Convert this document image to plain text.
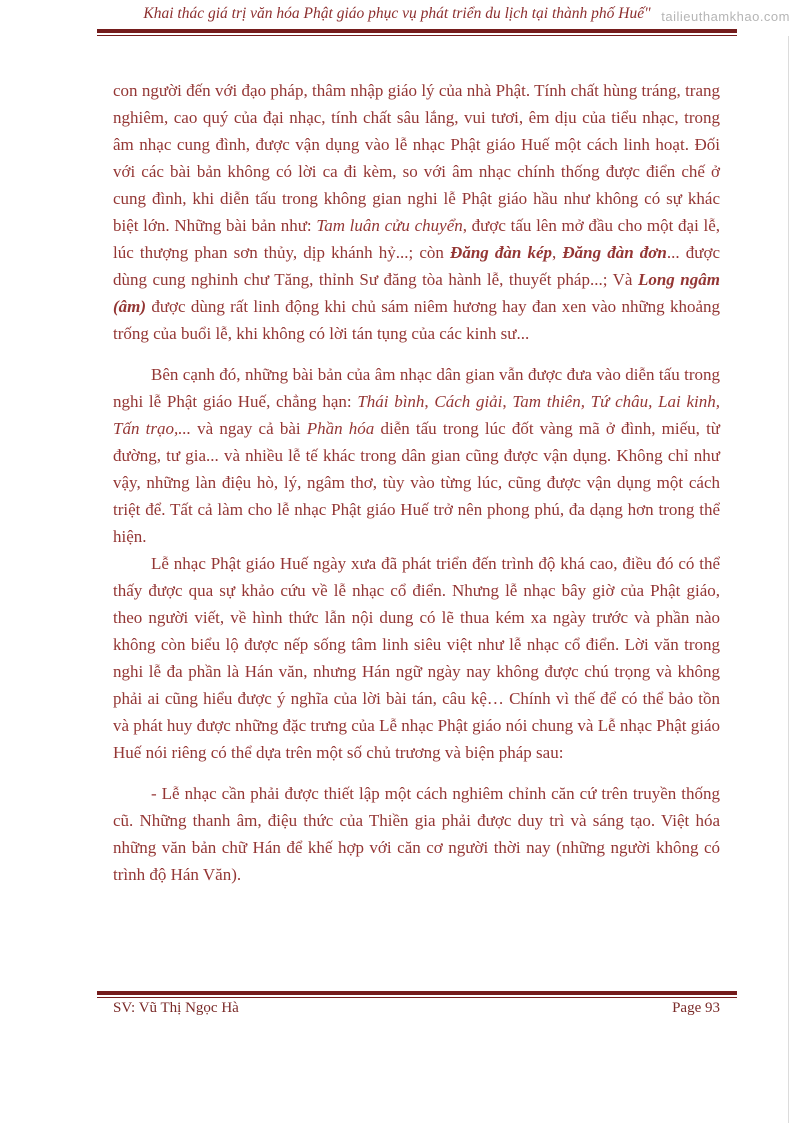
Khai thác giá trị văn hóa Phật giáo phục vụ phát triển du lịch tại thành phố Huế" tailieuthamkhao.com

con người đến với đạo pháp, thâm nhập giáo lý của nhà Phật. Tính chất hùng tráng, trang nghiêm, cao quý của đại nhạc, tính chất sâu lắng, vui tươi, êm dịu của tiểu nhạc, trong âm nhạc cung đình, được vận dụng vào lễ nhạc Phật giáo Huế một cách linh hoạt. Đối với các bài bản không có lời ca đi kèm, so với âm nhạc chính thống được điển chế ở cung đình, khi diễn tấu trong không gian nghi lễ Phật giáo hầu như không có sự khác biệt lớn. Những bài bản như: Tam luân cửu chuyển, được tấu lên mở đầu cho một đại lễ, lúc thượng phan sơn thủy, dịp khánh hỷ...; còn Đăng đàn kép, Đăng đàn đơn... được dùng cung nghinh chư Tăng, thỉnh Sư đăng tòa hành lễ, thuyết pháp...; Và Long ngâm (âm) được dùng rất linh động khi chủ sám niêm hương hay đan xen vào những khoảng trống của buổi lễ, khi không có lời tán tụng của các kinh sư...

Bên cạnh đó, những bài bản của âm nhạc dân gian vẫn được đưa vào diễn tấu trong nghi lễ Phật giáo Huế, chẳng hạn: Thái bình, Cách giải, Tam thiên, Tứ châu, Lai kinh, Tấn trạo,... và ngay cả bài Phần hóa diễn tấu trong lúc đốt vàng mã ở đình, miếu, từ đường, tư gia... và nhiều lễ tế khác trong dân gian cũng được vận dụng. Không chỉ như vậy, những làn điệu hò, lý, ngâm thơ, tùy vào từng lúc, cũng được vận dụng một cách triệt để. Tất cả làm cho lễ nhạc Phật giáo Huế trở nên phong phú, đa dạng hơn trong thể hiện.

Lễ nhạc Phật giáo Huế ngày xưa đã phát triển đến trình độ khá cao, điều đó có thể thấy được qua sự khảo cứu về lễ nhạc cổ điển. Nhưng lễ nhạc bây giờ của Phật giáo, theo người viết, về hình thức lẫn nội dung có lẽ thua kém xa ngày trước và phần nào không còn biểu lộ được nếp sống tâm linh siêu việt như lễ nhạc cổ điển. Lời văn trong nghi lễ đa phần là Hán văn, nhưng Hán ngữ ngày nay không được chú trọng và không phải ai cũng hiểu được ý nghĩa của lời bài tán, câu kệ… Chính vì thế để có thể bảo tồn và phát huy được những đặc trưng của Lễ nhạc Phật giáo nói chung và Lễ nhạc Phật giáo Huế nói riêng có thể dựa trên một số chủ trương và biện pháp sau:

- Lễ nhạc cần phải được thiết lập một cách nghiêm chỉnh căn cứ trên truyền thống cũ. Những thanh âm, điệu thức của Thiền gia phải được duy trì và sáng tạo. Việt hóa những văn bản chữ Hán để khế hợp với căn cơ người thời nay (những người không có trình độ Hán Văn).

SV: Vũ Thị Ngọc Hà	Page 93
